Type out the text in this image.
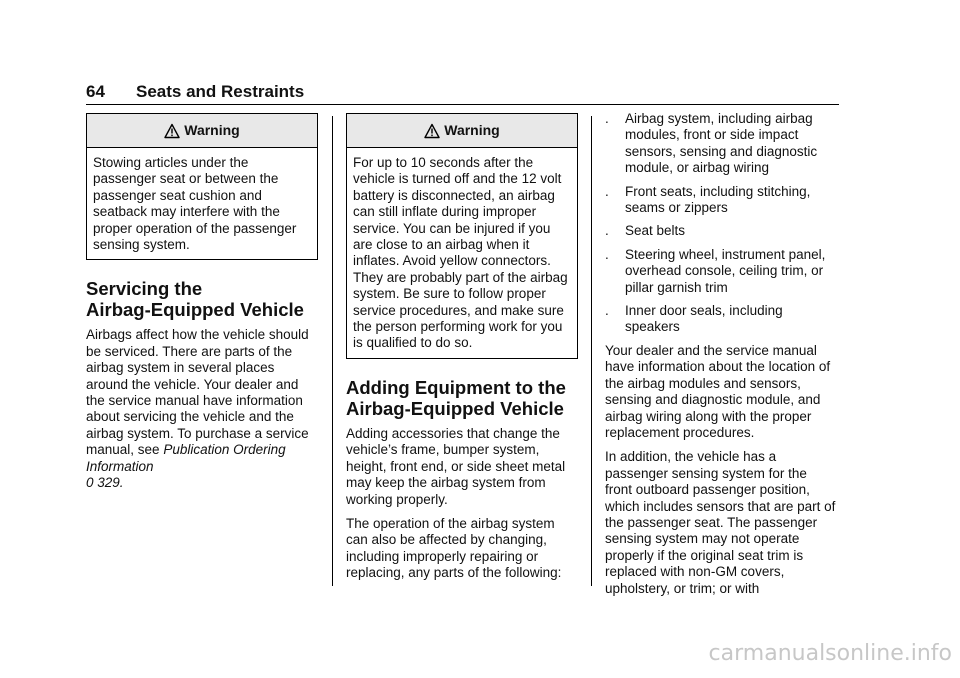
64 Seats and Restraints
Warning

Stowing articles under the passenger seat or between the passenger seat cushion and seatback may interfere with the proper operation of the passenger sensing system.

Servicing the
Airbag-Equipped Vehicle

Airbags affect how the vehicle should be serviced. There are parts of the airbag system in several places around the vehicle. Your dealer and the service manual have information about servicing the vehicle and the airbag system. To purchase a service manual, see Publication Ordering Information
0 329.

Warning

For up to 10 seconds after the vehicle is turned off and the 12 volt battery is disconnected, an airbag can still inflate during improper service. You can be injured if you are close to an airbag when it inflates. Avoid yellow connectors. They are probably part of the airbag system. Be sure to follow proper service procedures, and make sure the person performing work for you is qualified to do so.

Adding Equipment to the
Airbag-Equipped Vehicle

Adding accessories that change the vehicle’s frame, bumper system, height, front end, or side sheet metal may keep the airbag system from working properly.

The operation of the airbag system can also be affected by changing, including improperly repairing or replacing, any parts of the following:

.	Airbag system, including airbag modules, front or side impact sensors, sensing and diagnostic module, or airbag wiring
.	Front seats, including stitching, seams or zippers
.	Seat belts
.	Steering wheel, instrument panel, overhead console, ceiling trim, or pillar garnish trim
.	Inner door seals, including speakers

Your dealer and the service manual have information about the location of the airbag modules and sensors, sensing and diagnostic module, and airbag wiring along with the proper replacement procedures.

In addition, the vehicle has a passenger sensing system for the front outboard passenger position, which includes sensors that are part of the passenger seat. The passenger sensing system may not operate properly if the original seat trim is replaced with non-GM covers, upholstery, or trim; or with

carmanualsonline.info
